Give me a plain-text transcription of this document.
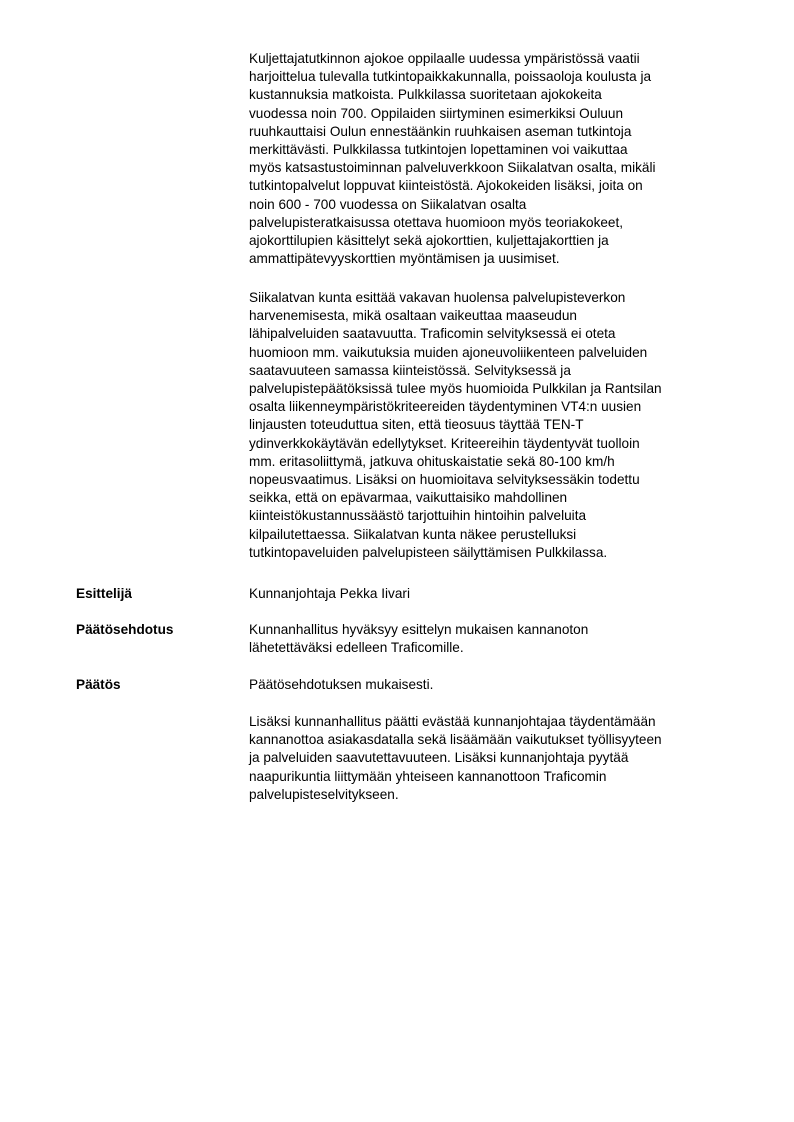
Kuljettajatutkinnon ajokoe oppilaalle uudessa ympäristössä vaatii
harjoittelua tulevalla tutkintopaikkakunnalla, poissaoloja koulusta ja
kustannuksia matkoista. Pulkkilassa suoritetaan ajokokeita
vuodessa noin 700. Oppilaiden siirtyminen esimerkiksi Ouluun
ruuhkauttaisi Oulun ennestäänkin ruuhkaisen aseman tutkintoja
merkittävästi. Pulkkilassa tutkintojen lopettaminen voi vaikuttaa
myös katsastustoiminnan palveluverkkoon Siikalatvan osalta, mikäli
tutkintopalvelut loppuvat kiinteistöstä. Ajokokeiden lisäksi, joita on
noin 600 - 700 vuodessa on Siikalatvan osalta
palvelupisteratkaisussa otettava huomioon myös teoriakokeet,
ajokorttilupien käsittelyt sekä ajokorttien, kuljettajakorttien ja
ammattipätevyyskorttien myöntämisen ja uusimiset.
Siikalatvan kunta esittää vakavan huolensa palvelupisteverkon
harvenemisesta, mikä osaltaan vaikeuttaa maaseudun
lähipalveluiden saatavuutta. Traficomin selvityksessä ei oteta
huomioon mm. vaikutuksia muiden ajoneuvoliikenteen palveluiden
saatavuuteen samassa kiinteistössä. Selvityksessä ja
palvelupistepäätöksissä tulee myös huomioida Pulkkilan ja Rantsilan
osalta liikenneympäristökriteereiden täydentyminen VT4:n uusien
linjausten toteuduttua siten, että tieosuus täyttää TEN-T
ydinverkkokäytävän edellytykset. Kriteereihin täydentyvät tuolloin
mm. eritasoliittymä, jatkuva ohituskaistatie sekä 80-100 km/h
nopeusvaatimus. Lisäksi on huomioitava selvityksessäkin todettu
seikka, että on epävarmaa, vaikuttaisiko mahdollinen
kiinteistökustannussäästö tarjottuihin hintoihin palveluita
kilpailutettaessa. Siikalatvan kunta näkee perustelluksi
tutkintopaveluiden palvelupisteen säilyttämisen Pulkkilassa.
Esittelijä	Kunnanjohtaja Pekka Iivari
Päätösehdotus	Kunnanhallitus hyväksyy esittelyn mukaisen kannanoton
lähetettäväksi edelleen Traficomille.
Päätös	Päätösehdotuksen mukaisesti.
Lisäksi kunnanhallitus päätti evästää kunnanjohtajaa täydentämään
kannanottoa asiakasdatalla sekä lisäämään vaikutukset työllisyyteen
ja palveluiden saavutettavuuteen. Lisäksi kunnanjohtaja pyytää
naapurikuntia liittymään yhteiseen kannanottoon Traficomin
palvelupisteselvitykseen.
